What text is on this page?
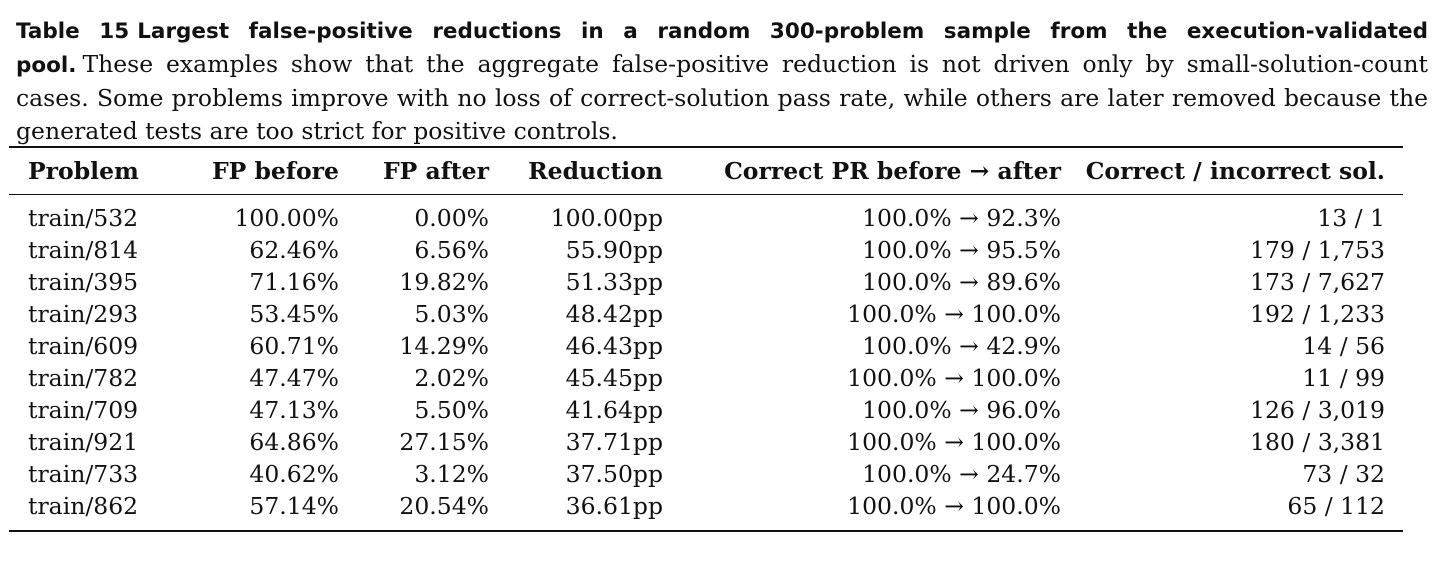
Table 15 Largest false-positive reductions in a random 300-problem sample from the execution-validated pool. These examples show that the aggregate false-positive reduction is not driven only by small-solution-count cases. Some problems improve with no loss of correct-solution pass rate, while others are later removed because the generated tests are too strict for positive controls.

Problem	FP before	FP after	Reduction	Correct PR before → after	Correct / incorrect sol.
train/532	100.00%	0.00%	100.00pp	100.0% → 92.3%	13 / 1
train/814	62.46%	6.56%	55.90pp	100.0% → 95.5%	179 / 1,753
train/395	71.16%	19.82%	51.33pp	100.0% → 89.6%	173 / 7,627
train/293	53.45%	5.03%	48.42pp	100.0% → 100.0%	192 / 1,233
train/609	60.71%	14.29%	46.43pp	100.0% → 42.9%	14 / 56
train/782	47.47%	2.02%	45.45pp	100.0% → 100.0%	11 / 99
train/709	47.13%	5.50%	41.64pp	100.0% → 96.0%	126 / 3,019
train/921	64.86%	27.15%	37.71pp	100.0% → 100.0%	180 / 3,381
train/733	40.62%	3.12%	37.50pp	100.0% → 24.7%	73 / 32
train/862	57.14%	20.54%	36.61pp	100.0% → 100.0%	65 / 112
